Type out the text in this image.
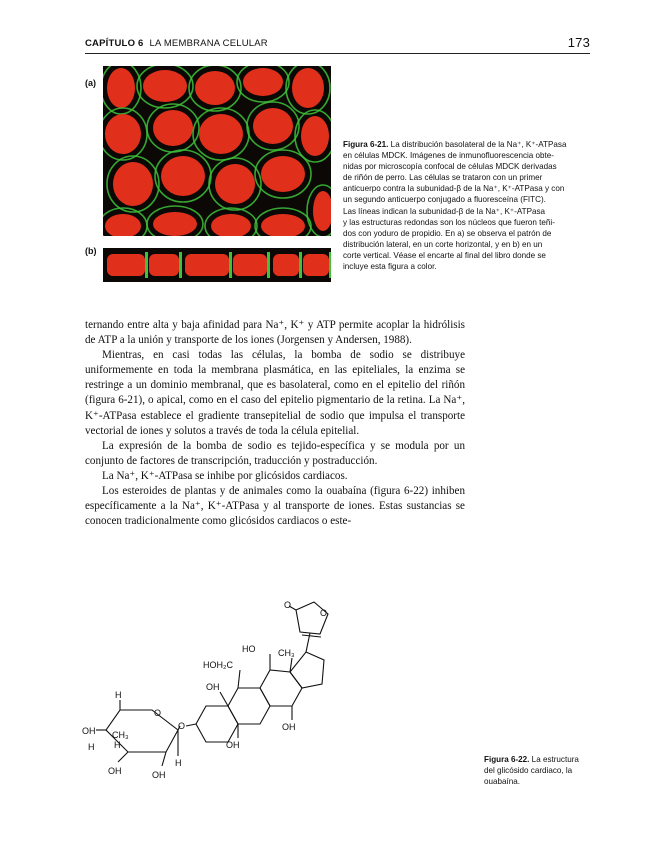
CAPÍTULO 6 LA MEMBRANA CELULAR	173
(a)
(b)
Figura 6-21. La distribución basolateral de la Na⁺, K⁺-ATPasa
en células MDCK. Imágenes de inmunofluorescencia obte-
nidas por microscopía confocal de células MDCK derivadas
de riñón de perro. Las células se trataron con un primer
anticuerpo contra la subunidad-β de la Na⁺, K⁺-ATPasa y con
un segundo anticuerpo conjugado a fluoresceína (FITC).
Las líneas indican la subunidad-β de la Na⁺, K⁺-ATPasa
y las estructuras redondas son los núcleos que fueron teñi-
dos con yoduro de propidio. En a) se observa el patrón de
distribución lateral, en un corte horizontal, y en b) en un
corte vertical. Véase el encarte al final del libro donde se
incluye esta figura a color.

ternando entre alta y baja afinidad para Na⁺, K⁺ y ATP permite acoplar la hidrólisis de ATP a la unión y transporte de los iones (Jorgensen y Andersen, 1988).

Mientras, en casi todas las células, la bomba de sodio se distribuye uniformemente en toda la membrana plasmática, en las epiteliales, la enzima se restringe a un dominio membranal, que es basolateral, como en el epitelio del riñón (figura 6-21), o apical, como en el caso del epitelio pigmentario de la retina. La Na⁺, K⁺-ATPasa establece el gradiente transepitelial de sodio que impulsa el transporte vectorial de iones y solutos a través de toda la célula epitelial.

La expresión de la bomba de sodio es tejido-específica y se modula por un conjunto de factores de transcripción, traducción y postraducción.

La Na⁺, K⁺-ATPasa se inhibe por glicósidos cardiacos.

Los esteroides de plantas y de animales como la ouabaína (figura 6-22) inhiben específicamente a la Na⁺, K⁺-ATPasa y al transporte de iones. Estas sustancias se conocen tradicionalmente como glicósidos cardiacos o este-

O
O
HO
HOH₂C
CH₃
OH
OH
OH
O
O
H
H H
H
OH CH₃
OH	OH
Figura 6-22. La estructura
del glicósido cardiaco, la
ouabaína.
